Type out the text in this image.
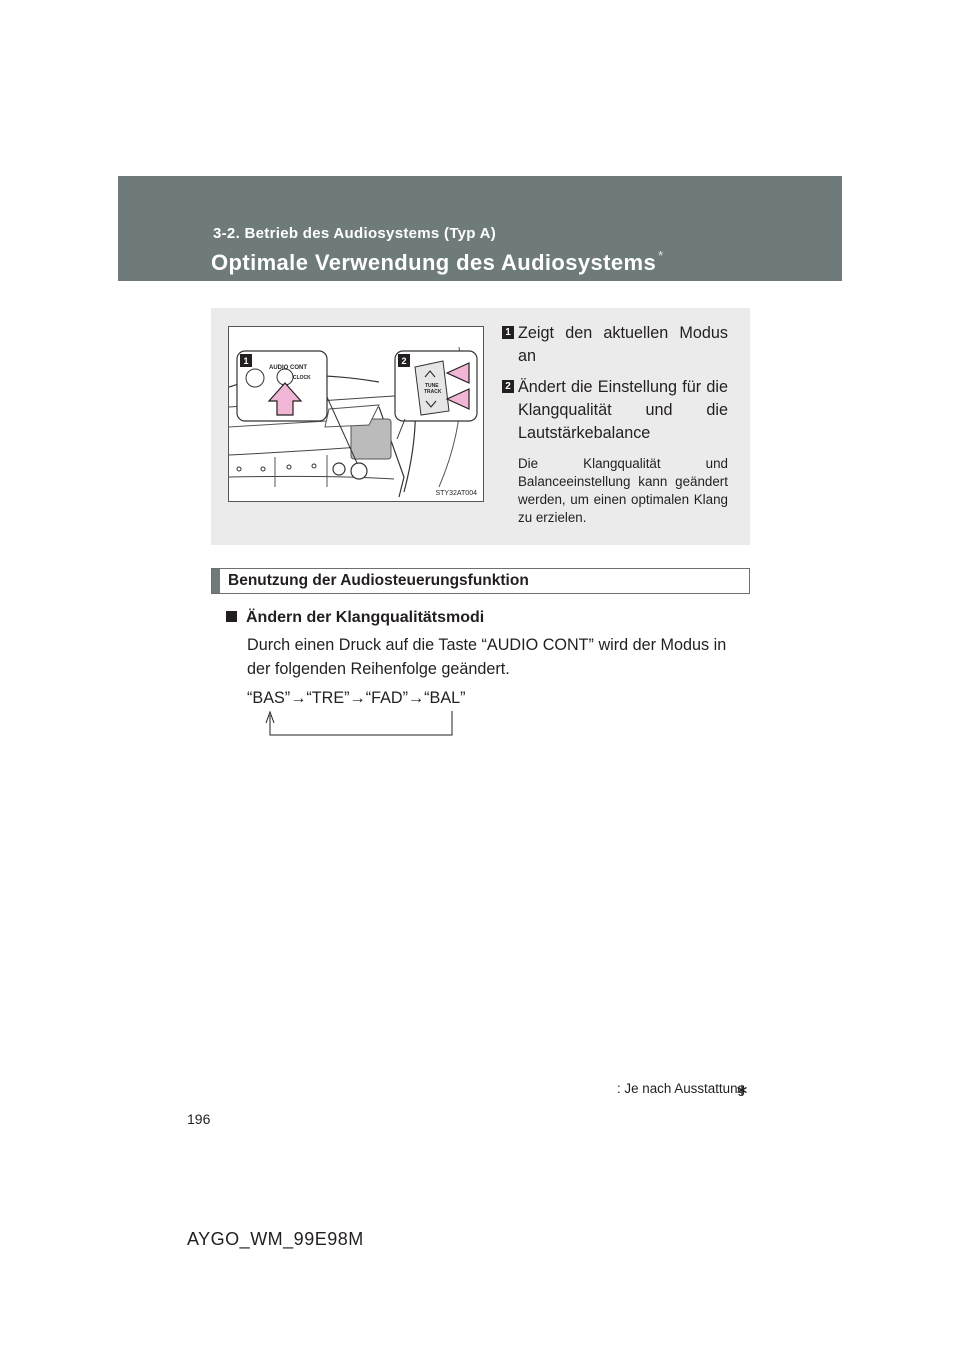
3-2. Betrieb des Audiosystems (Typ A)
Optimale Verwendung des Audiosystems *
1
AUDIO CONT
CLOCK
2
TUNE
TRACK
STY32AT004
1 Zeigt den aktuellen Modus an
2 Ändert die Einstellung für die Klangqualität und die Lautstärkebalance
Die Klangqualität und Balanceeinstellung kann geändert werden, um einen optimalen Klang zu erzielen.
Benutzung der Audiosteuerungsfunktion
Ändern der Klangqualitätsmodi
Durch einen Druck auf die Taste “AUDIO CONT” wird der Modus in der folgenden Reihenfolge geändert.
“BAS”→“TRE”→“FAD”→“BAL”
: Je nach Ausstattung
196
AYGO_WM_99E98M
